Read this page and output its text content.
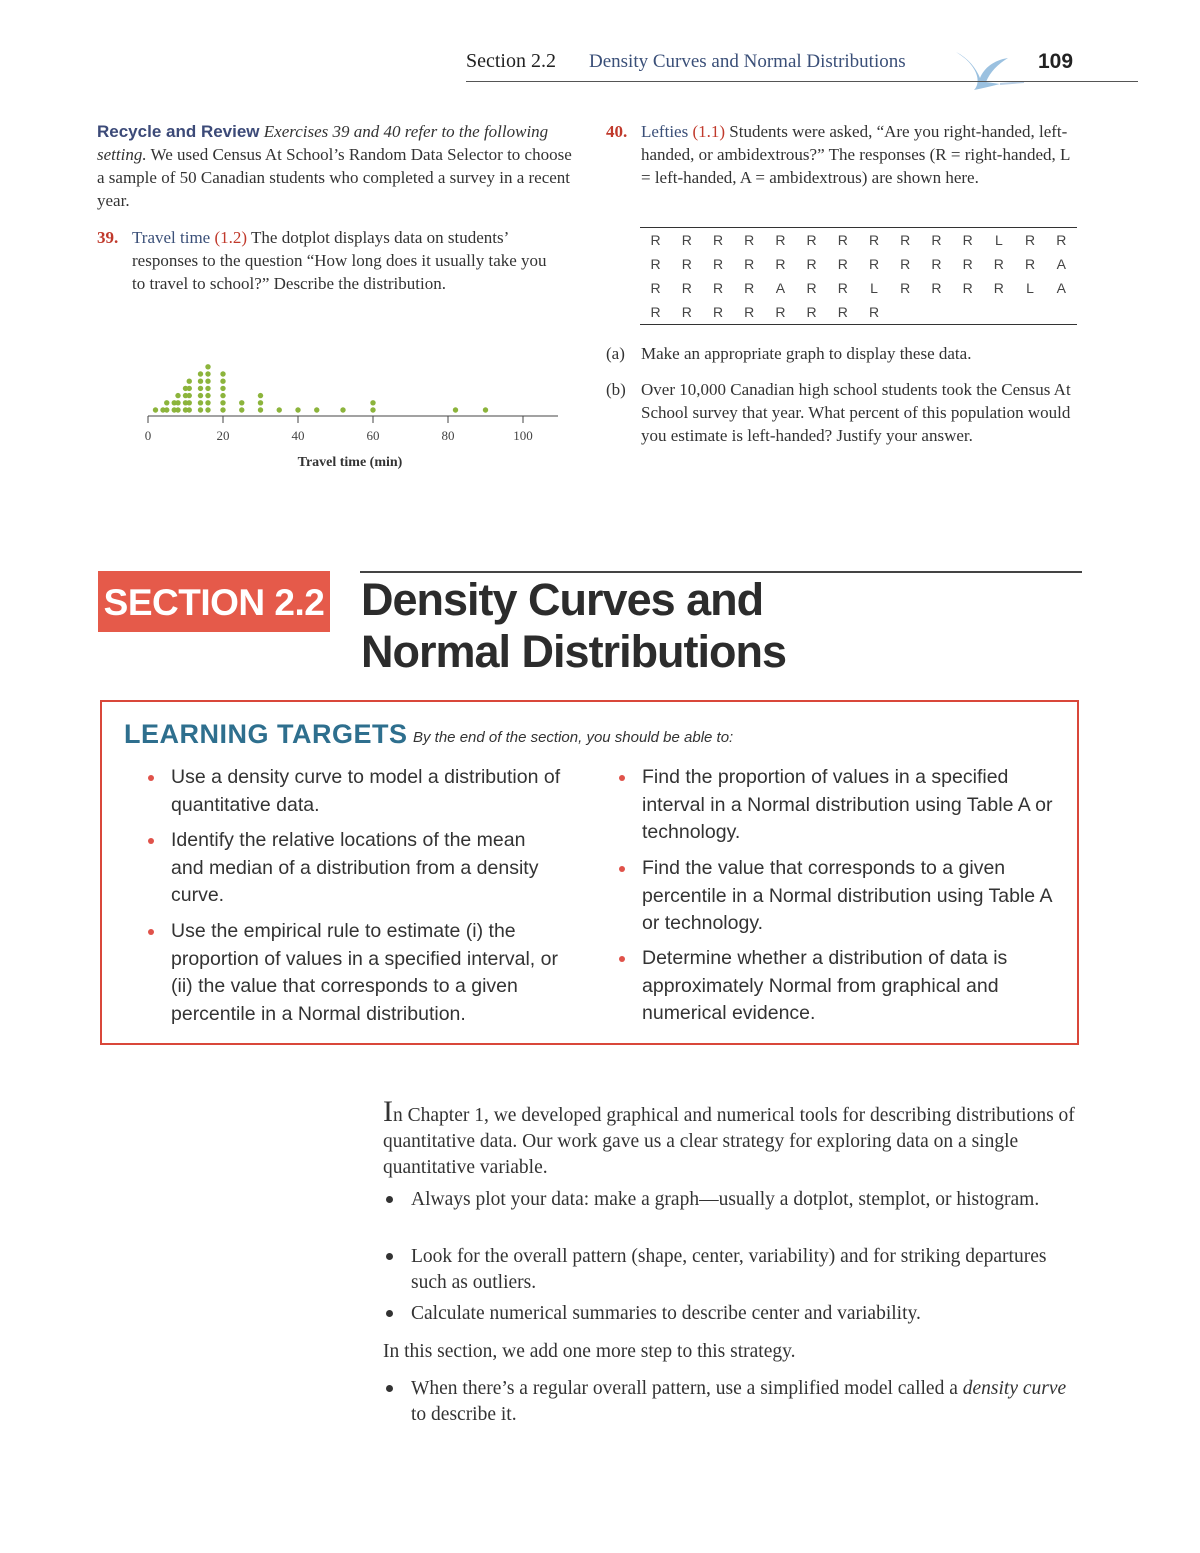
Section 2.2 Density Curves and Normal Distributions	109
Recycle and Review Exercises 39 and 40 refer to the following setting. We used Census At School’s Random Data Selector to choose a sample of 50 Canadian students who completed a survey in a recent year.
39. Travel time (1.2) The dotplot displays data on students’ responses to the question “How long does it usually take you to travel to school?” Describe the distribution.
0	20	40	60	80	100
Travel time (min)
40. Lefties (1.1) Students were asked, “Are you right-handed, left-handed, or ambidextrous?” The responses (R = right-handed, L = left-handed, A = ambidextrous) are shown here.
R	R	R	R	R	R	R	R	R	R	R	L	R	R
R	R	R	R	R	R	R	R	R	R	R	R	R	A
R	R	R	R	A	R	R	L	R	R	R	R	L	A
R	R	R	R	R	R	R	R						
(a) Make an appropriate graph to display these data.
(b) Over 10,000 Canadian high school students took the Census At School survey that year. What percent of this population would you estimate is left-handed? Justify your answer.
SECTION 2.2 Density Curves and Normal Distributions
LEARNING TARGETS By the end of the section, you should be able to:
Use a density curve to model a distribution of quantitative data.
Identify the relative locations of the mean and median of a distribution from a density curve.
Use the empirical rule to estimate (i) the proportion of values in a specified interval, or (ii) the value that corresponds to a given percentile in a Normal distribution.
Find the proportion of values in a specified interval in a Normal distribution using Table A or technology.
Find the value that corresponds to a given percentile in a Normal distribution using Table A or technology.
Determine whether a distribution of data is approximately Normal from graphical and numerical evidence.
In Chapter 1, we developed graphical and numerical tools for describing distributions of quantitative data. Our work gave us a clear strategy for exploring data on a single quantitative variable.
Always plot your data: make a graph—usually a dotplot, stemplot, or histogram.
Look for the overall pattern (shape, center, variability) and for striking departures such as outliers.
Calculate numerical summaries to describe center and variability.
In this section, we add one more step to this strategy.
When there’s a regular overall pattern, use a simplified model called a density curve to describe it.
